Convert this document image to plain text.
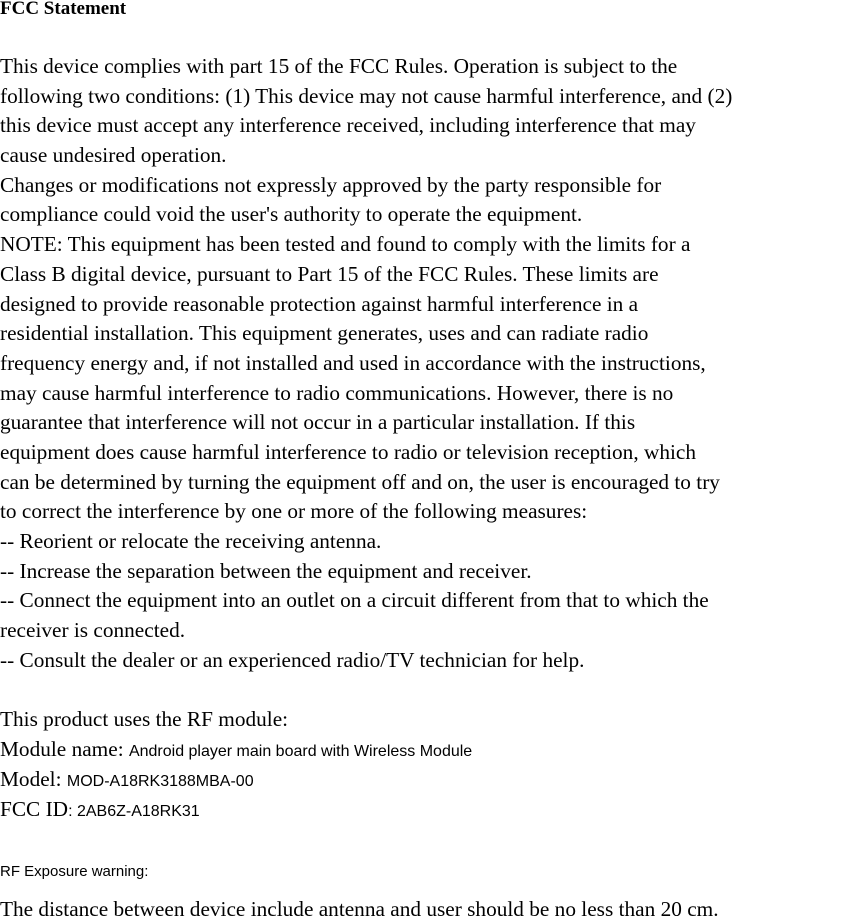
FCC Statement
This device complies with part 15 of the FCC Rules. Operation is subject to the
following two conditions: (1) This device may not cause harmful interference, and (2)
this device must accept any interference received, including interference that may
cause undesired operation.
Changes or modifications not expressly approved by the party responsible for
compliance could void the user's authority to operate the equipment.
NOTE: This equipment has been tested and found to comply with the limits for a
Class B digital device, pursuant to Part 15 of the FCC Rules. These limits are
designed to provide reasonable protection against harmful interference in a
residential installation. This equipment generates, uses and can radiate radio
frequency energy and, if not installed and used in accordance with the instructions,
may cause harmful interference to radio communications. However, there is no
guarantee that interference will not occur in a particular installation. If this
equipment does cause harmful interference to radio or television reception, which
can be determined by turning the equipment off and on, the user is encouraged to try
to correct the interference by one or more of the following measures:
-- Reorient or relocate the receiving antenna.
-- Increase the separation between the equipment and receiver.
-- Connect the equipment into an outlet on a circuit different from that to which the
receiver is connected.
-- Consult the dealer or an experienced radio/TV technician for help.
This product uses the RF module:
Module name: Android player main board with Wireless Module
Model: MOD-A18RK3188MBA-00
FCC ID: 2AB6Z-A18RK31
RF Exposure warning:
The distance between device include antenna and user should be no less than 20 cm.
